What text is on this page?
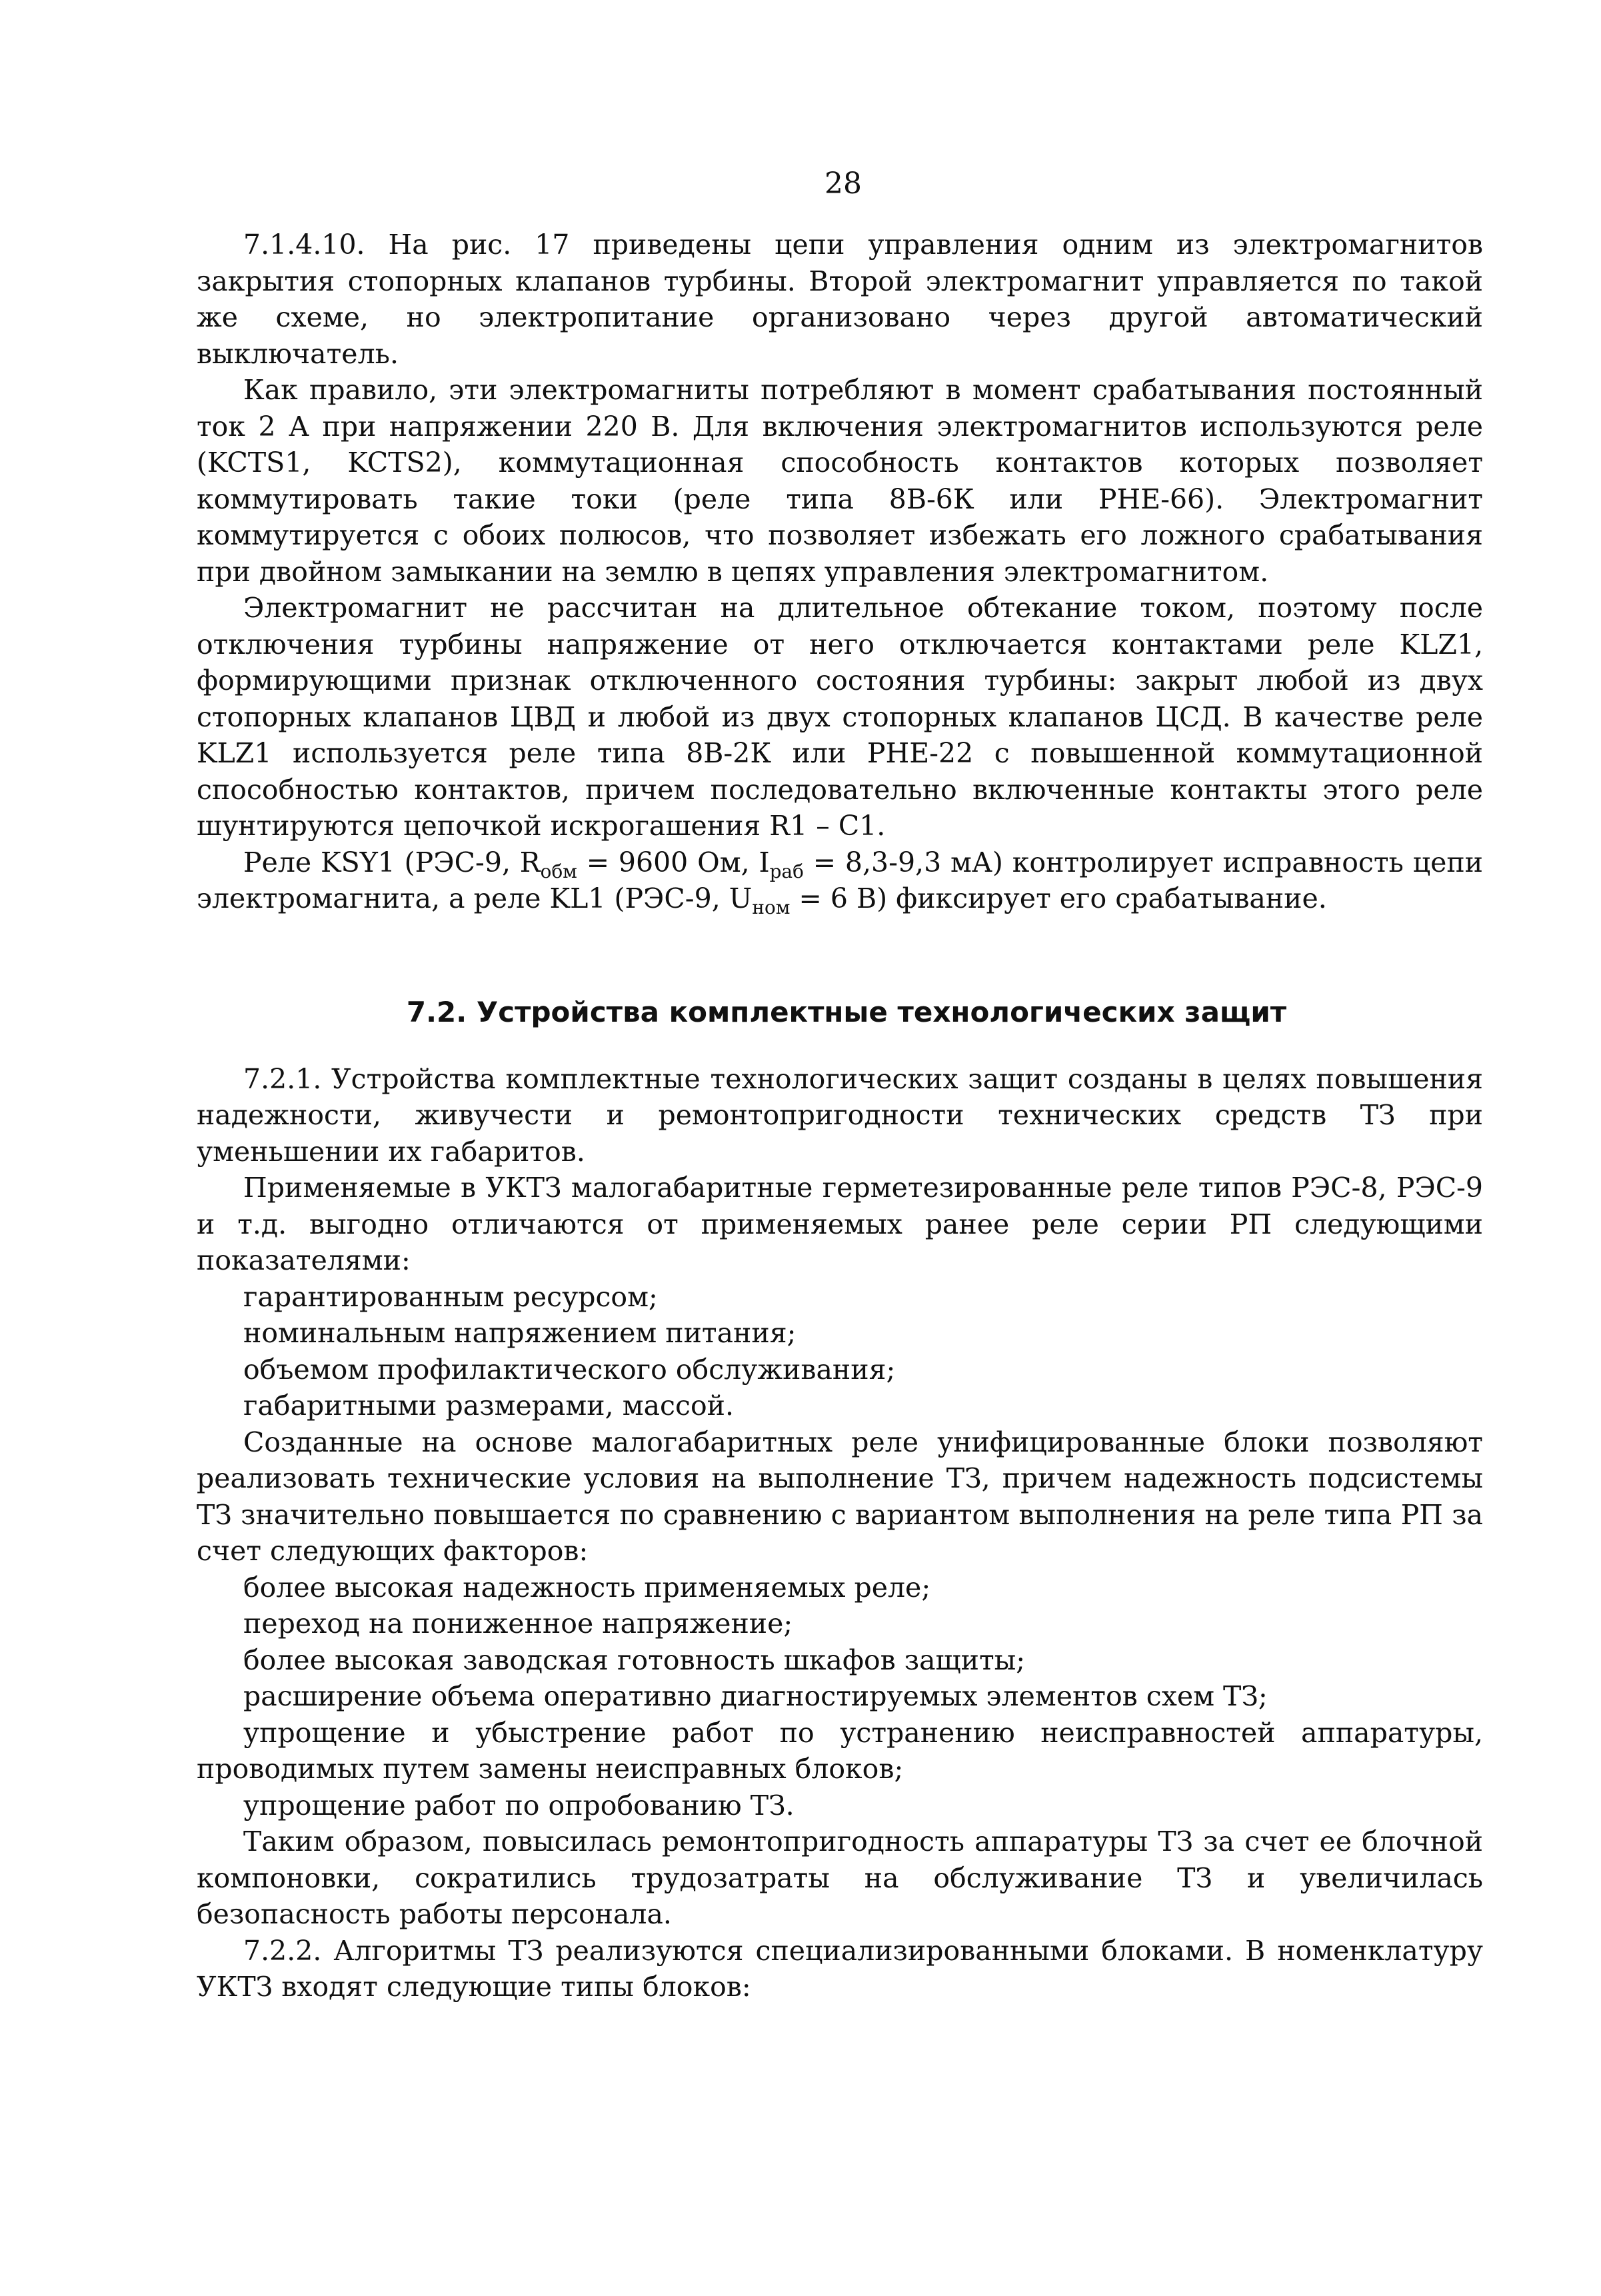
28

7.1.4.10. На рис. 17 приведены цепи управления одним из электромагнитов закрытия стопорных клапанов турбины. Второй электромагнит управляется по такой же схеме, но электропитание организовано через другой автоматический выключатель.

Как правило, эти электромагниты потребляют в момент срабатывания постоянный ток 2 А при напряжении 220 В. Для включения электромагнитов используются реле (KCTS1, KCTS2), коммутационная способность контактов которых позволяет коммутировать такие токи (реле типа 8В-6К или РНЕ-66). Электромагнит коммутируется с обоих полюсов, что позволяет избежать его ложного срабатывания при двойном замыкании на землю в цепях управления электромагнитом.

Электромагнит не рассчитан на длительное обтекание током, поэтому после отключения турбины напряжение от него отключается контактами реле KLZ1, формирующими признак отключенного состояния турбины: закрыт любой из двух стопорных клапанов ЦВД и любой из двух стопорных клапанов ЦСД. В качестве реле KLZ1 используется реле типа 8В-2К или РНЕ-22 с повышенной коммутационной способностью контактов, причем последовательно включенные контакты этого реле шунтируются цепочкой искрогашения R1 – C1.

Реле KSY1 (РЭС-9, $R_{обм} = 9600$ Ом, $I_{раб} = 8,3-9,3$ мА) контролирует исправность цепи электромагнита, а реле KL1 (РЭС-9, $U_{ном} = 6$ В) фиксирует его срабатывание.

7.2. Устройства комплектные технологических защит

7.2.1. Устройства комплектные технологических защит созданы в целях повышения надежности, живучести и ремонтопригодности технических средств ТЗ при уменьшении их габаритов.

Применяемые в УКТЗ малогабаритные герметезированные реле типов РЭС-8, РЭС-9 и т.д. выгодно отличаются от применяемых ранее реле серии РП следующими показателями:

гарантированным ресурсом;

номинальным напряжением питания;

объемом профилактического обслуживания;

габаритными размерами, массой.

Созданные на основе малогабаритных реле унифицированные блоки позволяют реализовать технические условия на выполнение ТЗ, причем надежность подсистемы ТЗ значительно повышается по сравнению с вариантом выполнения на реле типа РП за счет следующих факторов:

более высокая надежность применяемых реле;

переход на пониженное напряжение;

более высокая заводская готовность шкафов защиты;

расширение объема оперативно диагностируемых элементов схем ТЗ;

упрощение и убыстрение работ по устранению неисправностей аппаратуры, проводимых путем замены неисправных блоков;

упрощение работ по опробованию ТЗ.

Таким образом, повысилась ремонтопригодность аппаратуры ТЗ за счет ее блочной компоновки, сократились трудозатраты на обслуживание ТЗ и увеличилась безопасность работы персонала.

7.2.2. Алгоритмы ТЗ реализуются специализированными блоками. В номенклатуру УКТЗ входят следующие типы блоков:
